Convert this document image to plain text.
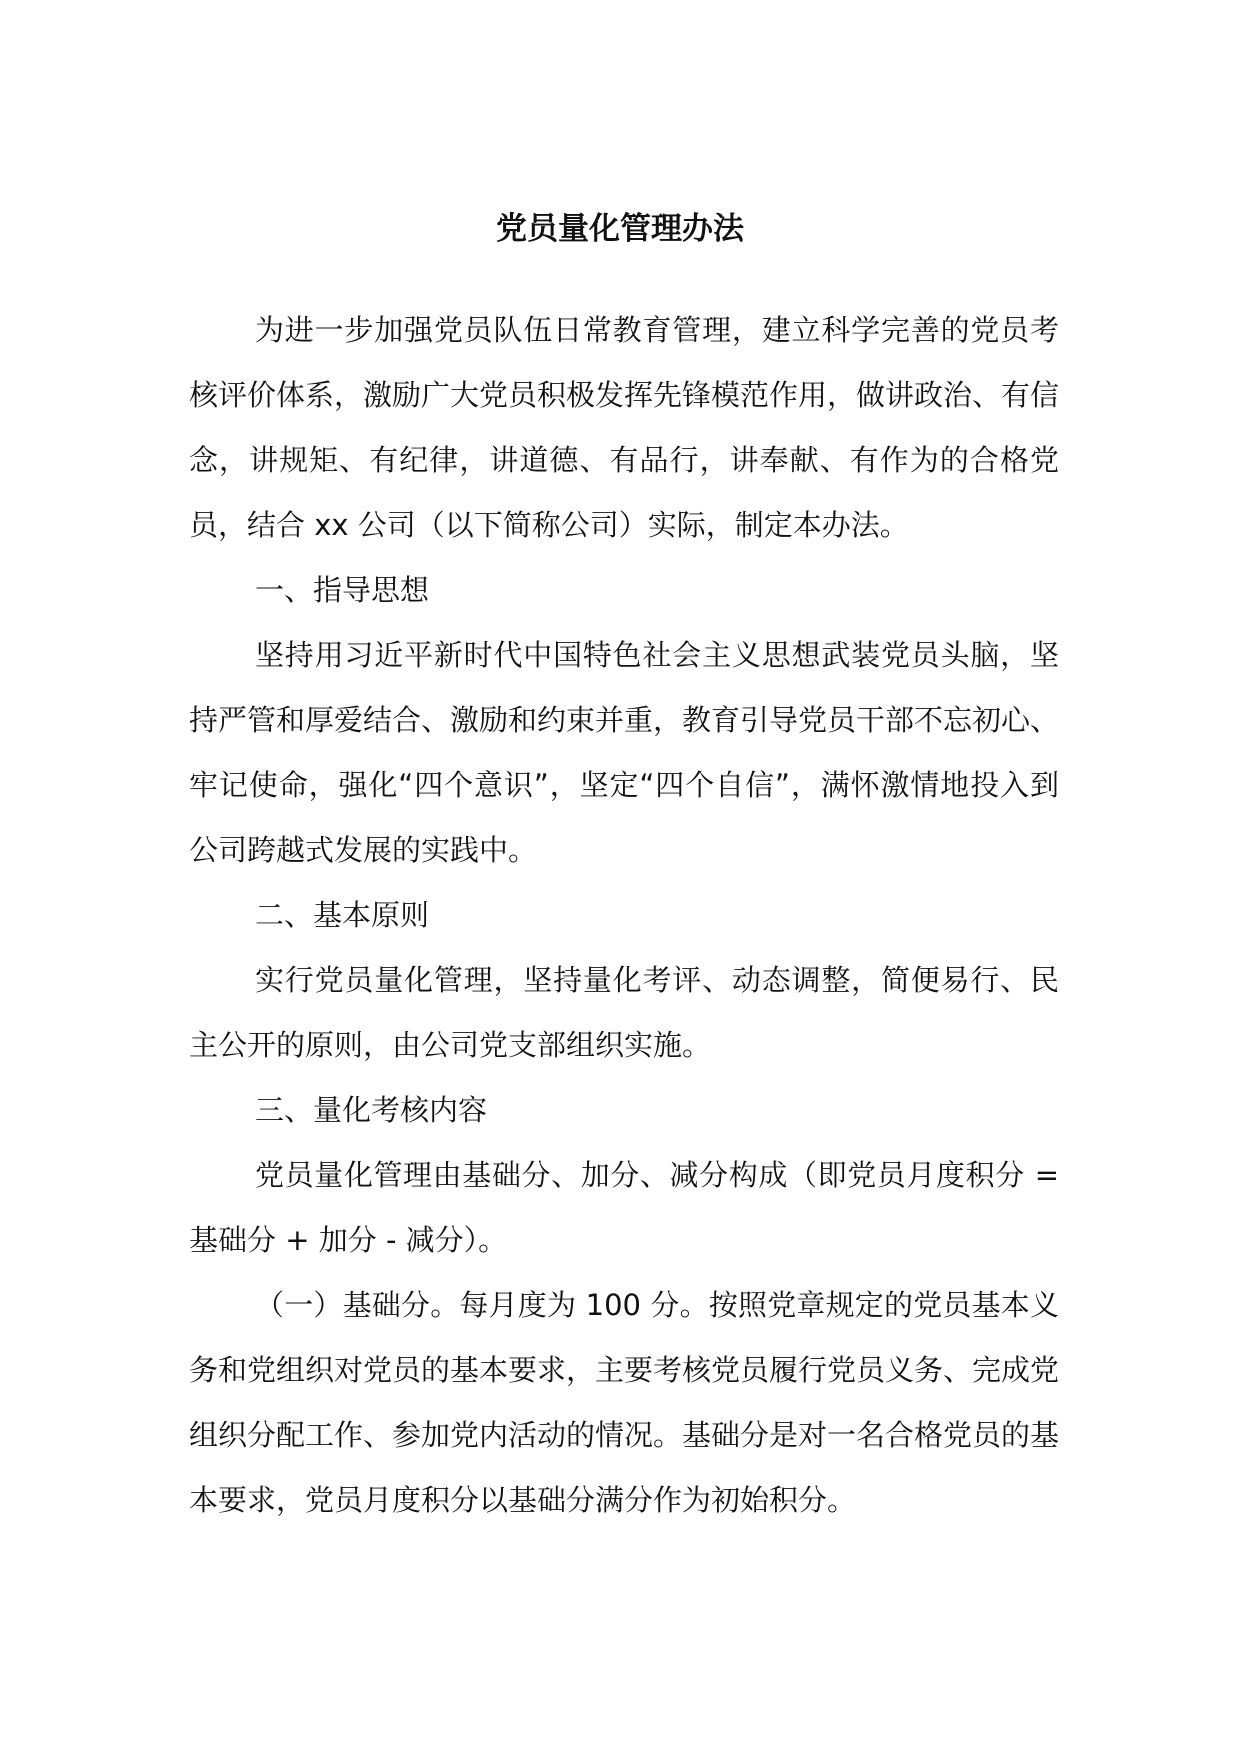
党员量化管理办法

为进一步加强党员队伍日常教育管理，建立科学完善的党员考核评价体系，激励广大党员积极发挥先锋模范作用，做讲政治、有信念，讲规矩、有纪律，讲道德、有品行，讲奉献、有作为的合格党员，结合 xx 公司（以下简称公司）实际，制定本办法。

一、指导思想

坚持用习近平新时代中国特色社会主义思想武装党员头脑，坚持严管和厚爱结合、激励和约束并重，教育引导党员干部不忘初心、牢记使命，强化“四个意识”，坚定“四个自信”，满怀激情地投入到公司跨越式发展的实践中。

二、基本原则

实行党员量化管理，坚持量化考评、动态调整，简便易行、民主公开的原则，由公司党支部组织实施。

三、量化考核内容

党员量化管理由基础分、加分、减分构成（即党员月度积分 = 基础分 + 加分 - 减分）。

（一）基础分。每月度为 100 分。按照党章规定的党员基本义务和党组织对党员的基本要求，主要考核党员履行党员义务、完成党组织分配工作、参加党内活动的情况。基础分是对一名合格党员的基本要求，党员月度积分以基础分满分作为初始积分。
